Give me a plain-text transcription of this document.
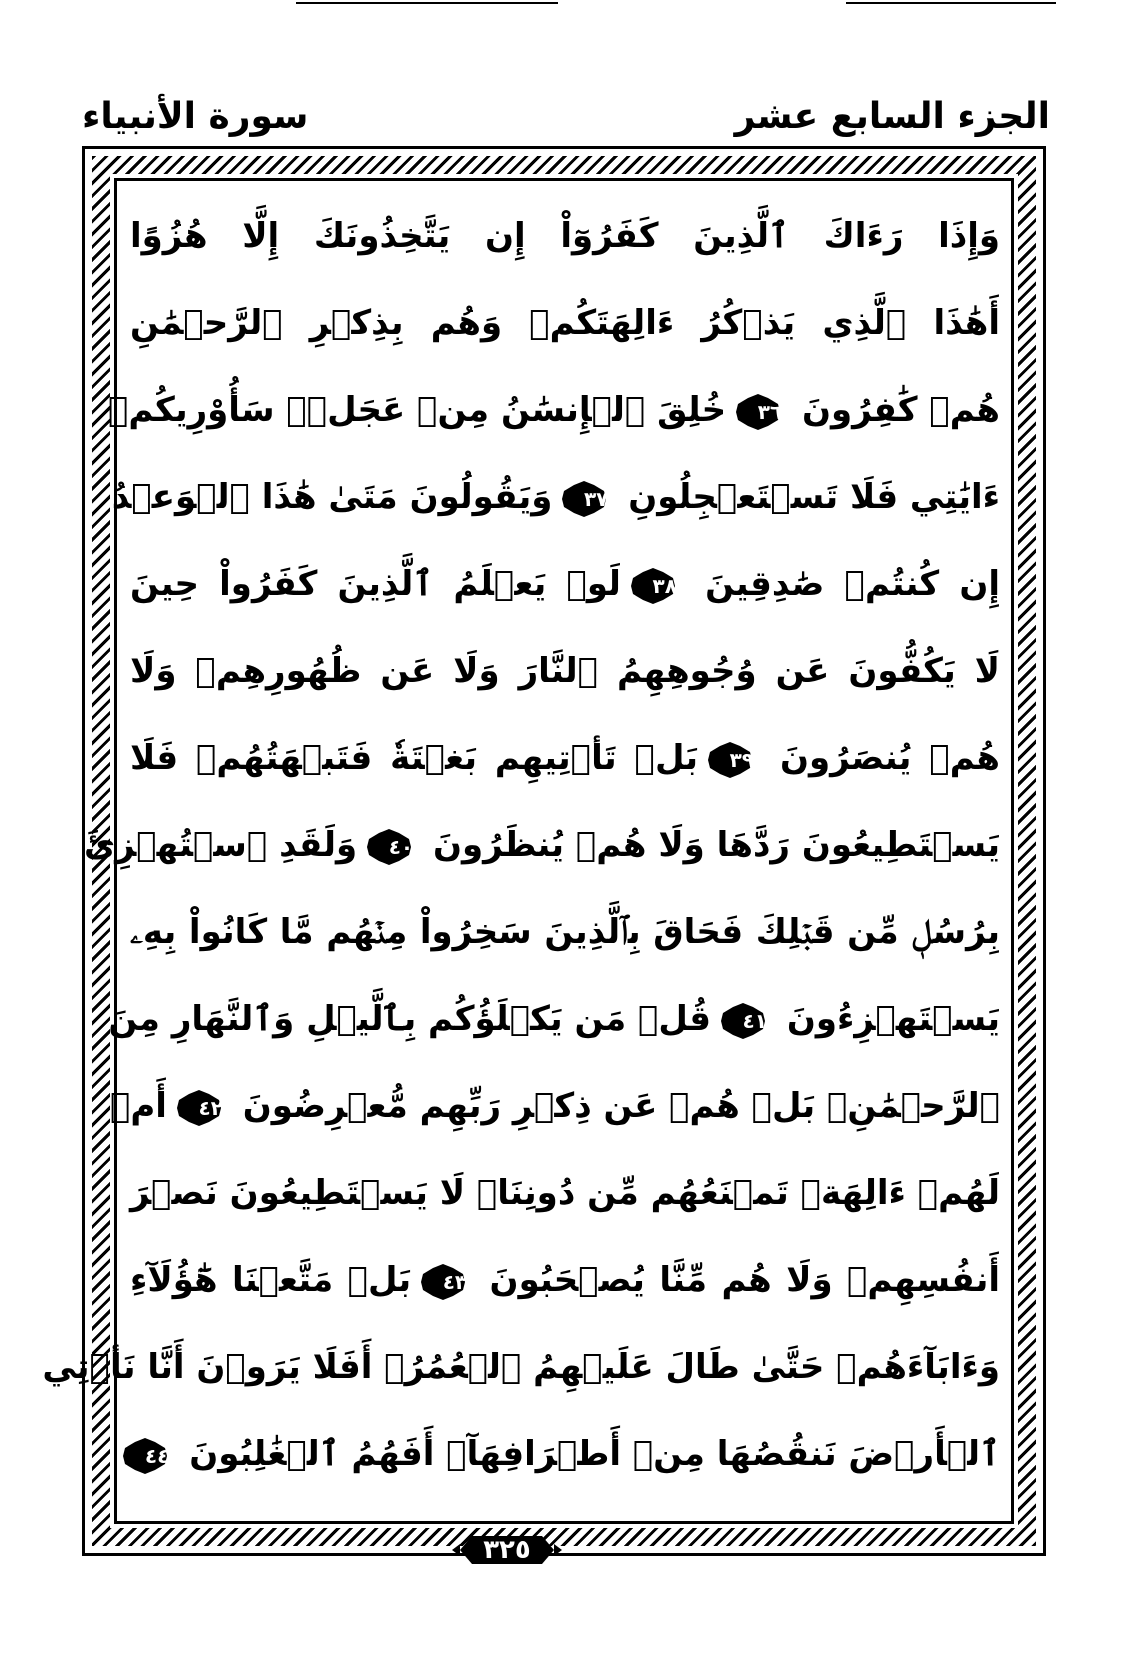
الجزء السابع عشر
سورة الأنبياء
وَإِذَا رَءَاكَ ٱلَّذِينَ كَفَرُوٓاْ إِن يَتَّخِذُونَكَ إِلَّا هُزُوًا
أَهَٰذَا ٱلَّذِي يَذۡكُرُ ءَالِهَتَكُمۡ وَهُم بِذِكۡرِ ٱلرَّحۡمَٰنِ
هُمۡ كَٰفِرُونَ
٣٦
خُلِقَ ٱلۡإِنسَٰنُ مِنۡ عَجَلٖۚ سَأُوْرِيكُمۡ
ءَايَٰتِي فَلَا تَسۡتَعۡجِلُونِ
٣٧
وَيَقُولُونَ مَتَىٰ هَٰذَا ٱلۡوَعۡدُ
إِن كُنتُمۡ صَٰدِقِينَ
٣٨
لَوۡ يَعۡلَمُ ٱلَّذِينَ كَفَرُواْ حِينَ
لَا يَكُفُّونَ عَن وُجُوهِهِمُ ٱلنَّارَ وَلَا عَن ظُهُورِهِمۡ وَلَا
هُمۡ يُنصَرُونَ
٣٩
بَلۡ تَأۡتِيهِم بَغۡتَةٗ فَتَبۡهَتُهُمۡ فَلَا
يَسۡتَطِيعُونَ رَدَّهَا وَلَا هُمۡ يُنظَرُونَ
٤٠
وَلَقَدِ ٱسۡتُهۡزِئَ
بِرُسُلٖ مِّن قَبۡلِكَ فَحَاقَ بِٱلَّذِينَ سَخِرُواْ مِنۡهُم مَّا كَانُواْ بِهِۦ
يَسۡتَهۡزِءُونَ
٤١
قُلۡ مَن يَكۡلَؤُكُم بِٱلَّيۡلِ وَٱلنَّهَارِ مِنَ
ٱلرَّحۡمَٰنِۗ بَلۡ هُمۡ عَن ذِكۡرِ رَبِّهِم مُّعۡرِضُونَ
٤٢
أَمۡ
لَهُمۡ ءَالِهَةٞ تَمۡنَعُهُم مِّن دُونِنَاۚ لَا يَسۡتَطِيعُونَ نَصۡرَ
أَنفُسِهِمۡ وَلَا هُم مِّنَّا يُصۡحَبُونَ
٤٣
بَلۡ مَتَّعۡنَا هَٰٓؤُلَآءِ
وَءَابَآءَهُمۡ حَتَّىٰ طَالَ عَلَيۡهِمُ ٱلۡعُمُرُۗ أَفَلَا يَرَوۡنَ أَنَّا نَأۡتِي
ٱلۡأَرۡضَ نَنقُصُهَا مِنۡ أَطۡرَافِهَآۚ أَفَهُمُ ٱلۡغَٰلِبُونَ
٤٤
٣٢٥
